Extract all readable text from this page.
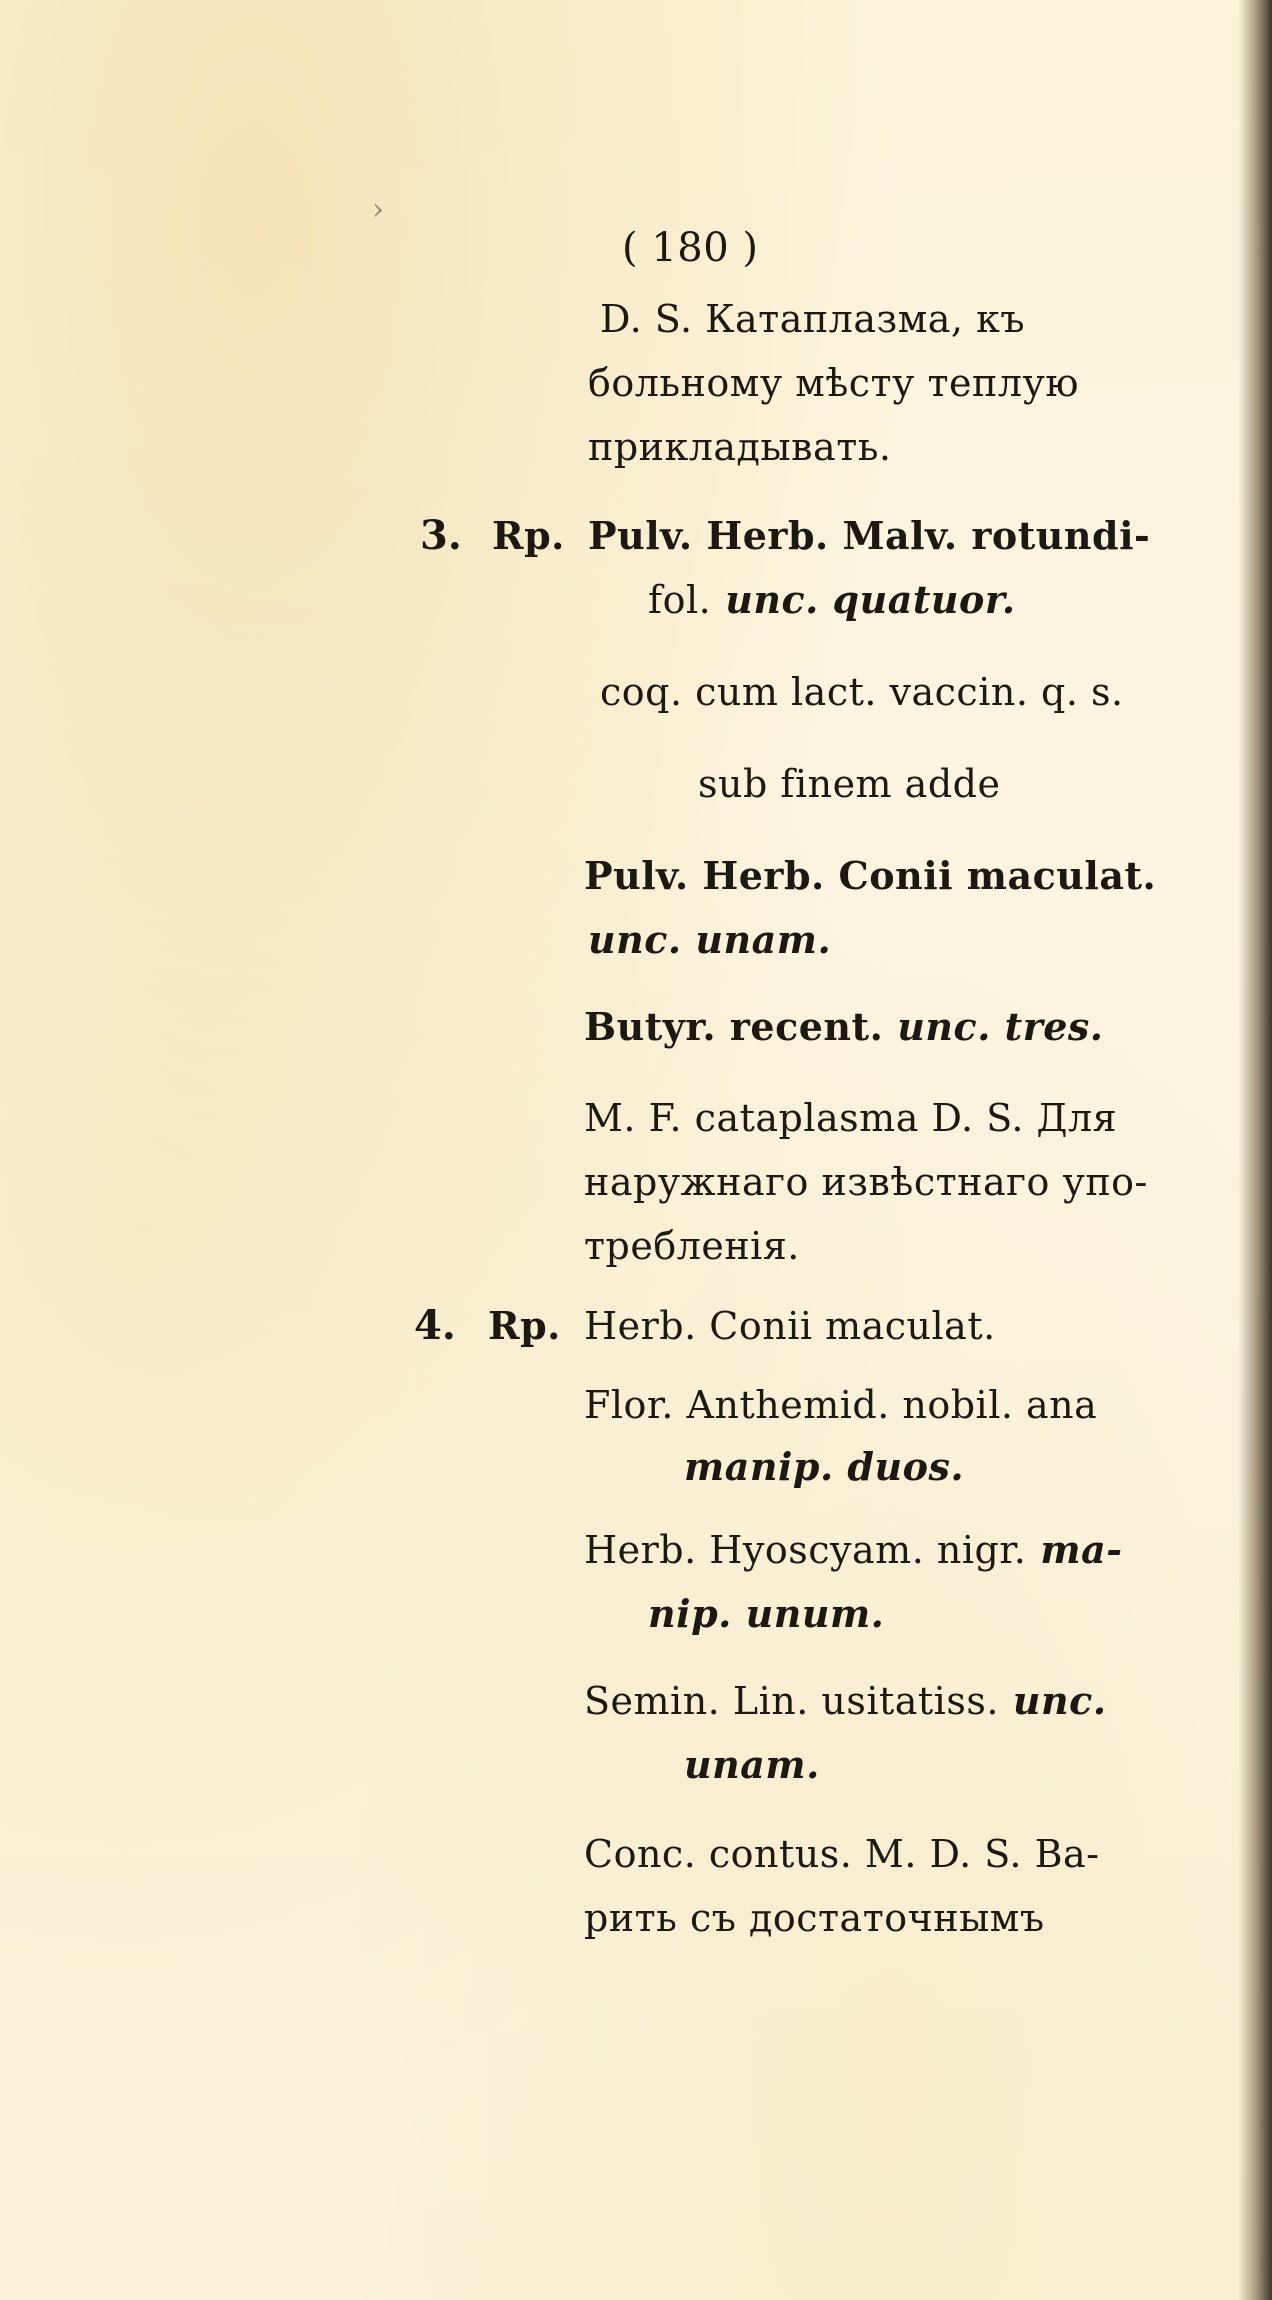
›
( 180 )
D. S. Катаплазма, къ
больному мѣсту теплую
прикладывать.
3. Rp. Pulv. Herb. Malv. rotundi-
fol. unc. quatuor.
coq. cum lact. vaccin. q. s.
sub finem adde
Pulv. Herb. Conii maculat.
unc. unam.
Butyr. recent. unc. tres.
M. F. cataplasma D. S. Для
наружнаго извѣстнаго упо-
требленія.
4. Rp. Herb. Conii maculat.
Flor. Anthemid. nobil. ana
manip. duos.
Herb. Hyoscyam. nigr. ma-
nip. unum.
Semin. Lin. usitatiss. unc.
unam.
Conc. contus. M. D. S. Ва-
рить съ достаточнымъ
